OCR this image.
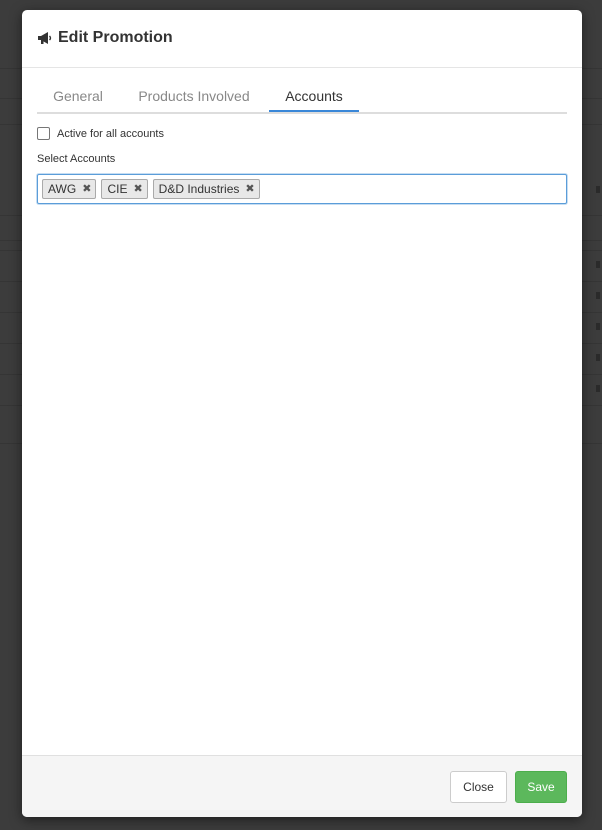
Edit Promotion
General	Products Involved	Accounts
Active for all accounts
Select Accounts
AWG ✖ CIE ✖ D&D Industries ✖
Close	Save
